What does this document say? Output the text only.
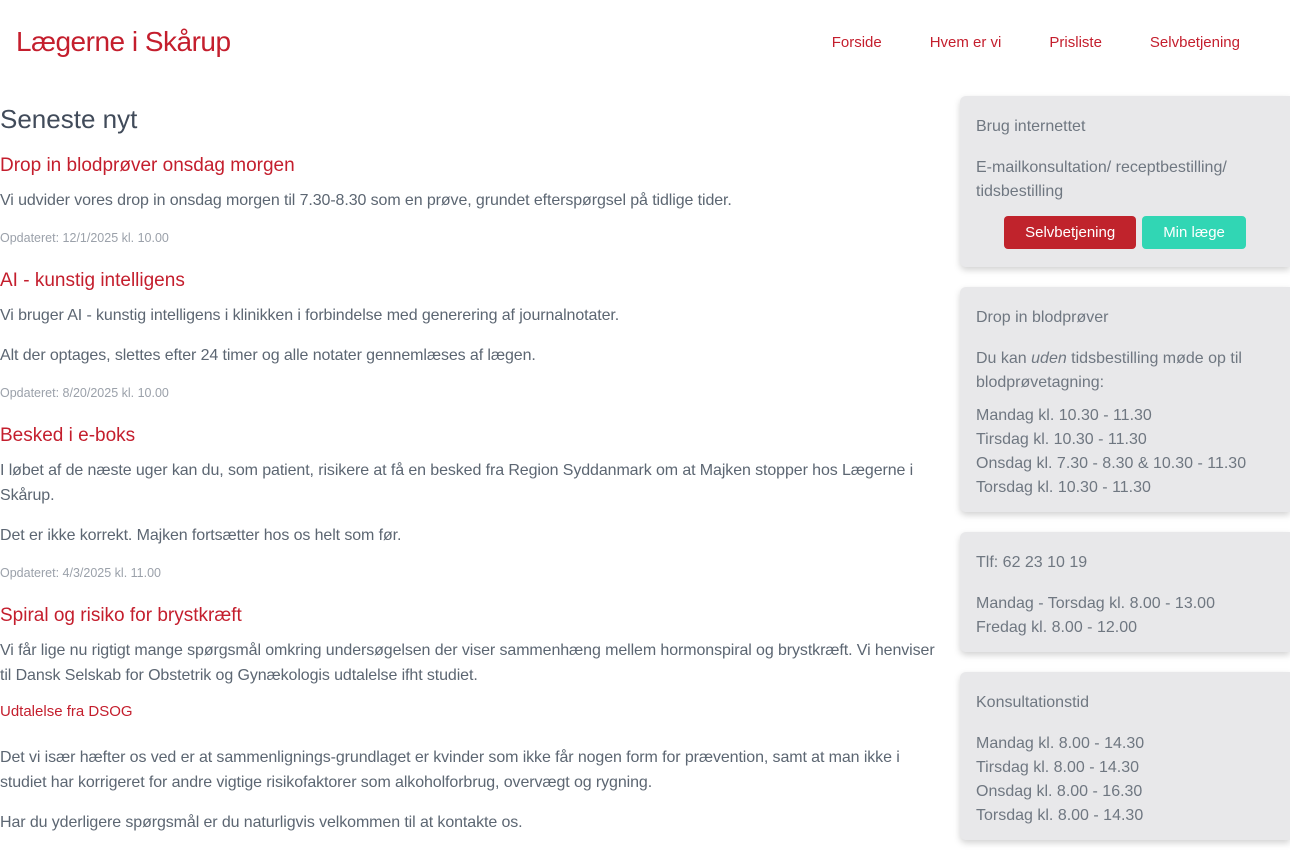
Lægerne i Skårup	Forside	Hvem er vi	Prisliste	Selvbetjening
Seneste nyt
Drop in blodprøver onsdag morgen

Vi udvider vores drop in onsdag morgen til 7.30-8.30 som en prøve, grundet efterspørgsel på tidlige tider.

Opdateret: 12/1/2025 kl. 10.00
AI - kunstig intelligens

Vi bruger AI - kunstig intelligens i klinikken i forbindelse med generering af journalnotater.

Alt der optages, slettes efter 24 timer og alle notater gennemlæses af lægen.

Opdateret: 8/20/2025 kl. 10.00
Besked i e-boks

I løbet af de næste uger kan du, som patient, risikere at få en besked fra Region Syddanmark om at Majken stopper hos Lægerne i Skårup.

Det er ikke korrekt. Majken fortsætter hos os helt som før.

Opdateret: 4/3/2025 kl. 11.00
Spiral og risiko for brystkræft

Vi får lige nu rigtigt mange spørgsmål omkring undersøgelsen der viser sammenhæng mellem hormonspiral og brystkræft. Vi henviser til Dansk Selskab for Obstetrik og Gynækologis udtalelse ifht studiet.

Udtalelse fra DSOG

Det vi især hæfter os ved er at sammenlignings-grundlaget er kvinder som ikke får nogen form for prævention, samt at man ikke i studiet har korrigeret for andre vigtige risikofaktorer som alkoholforbrug, overvægt og rygning.

Har du yderligere spørgsmål er du naturligvis velkommen til at kontakte os.

Brug internettet
E-mailkonsultation/ receptbestilling/ tidsbestilling
Selvbetjening	Min læge
Drop in blodprøver
Du kan uden tidsbestilling møde op til blodprøvetagning:
Mandag kl. 10.30 - 11.30
Tirsdag kl. 10.30 - 11.30
Onsdag kl. 7.30 - 8.30 & 10.30 - 11.30
Torsdag kl. 10.30 - 11.30
Tlf: 62 23 10 19
Mandag - Torsdag kl. 8.00 - 13.00
Fredag kl. 8.00 - 12.00
Konsultationstid
Mandag kl. 8.00 - 14.30
Tirsdag kl. 8.00 - 14.30
Onsdag kl. 8.00 - 16.30
Torsdag kl. 8.00 - 14.30
